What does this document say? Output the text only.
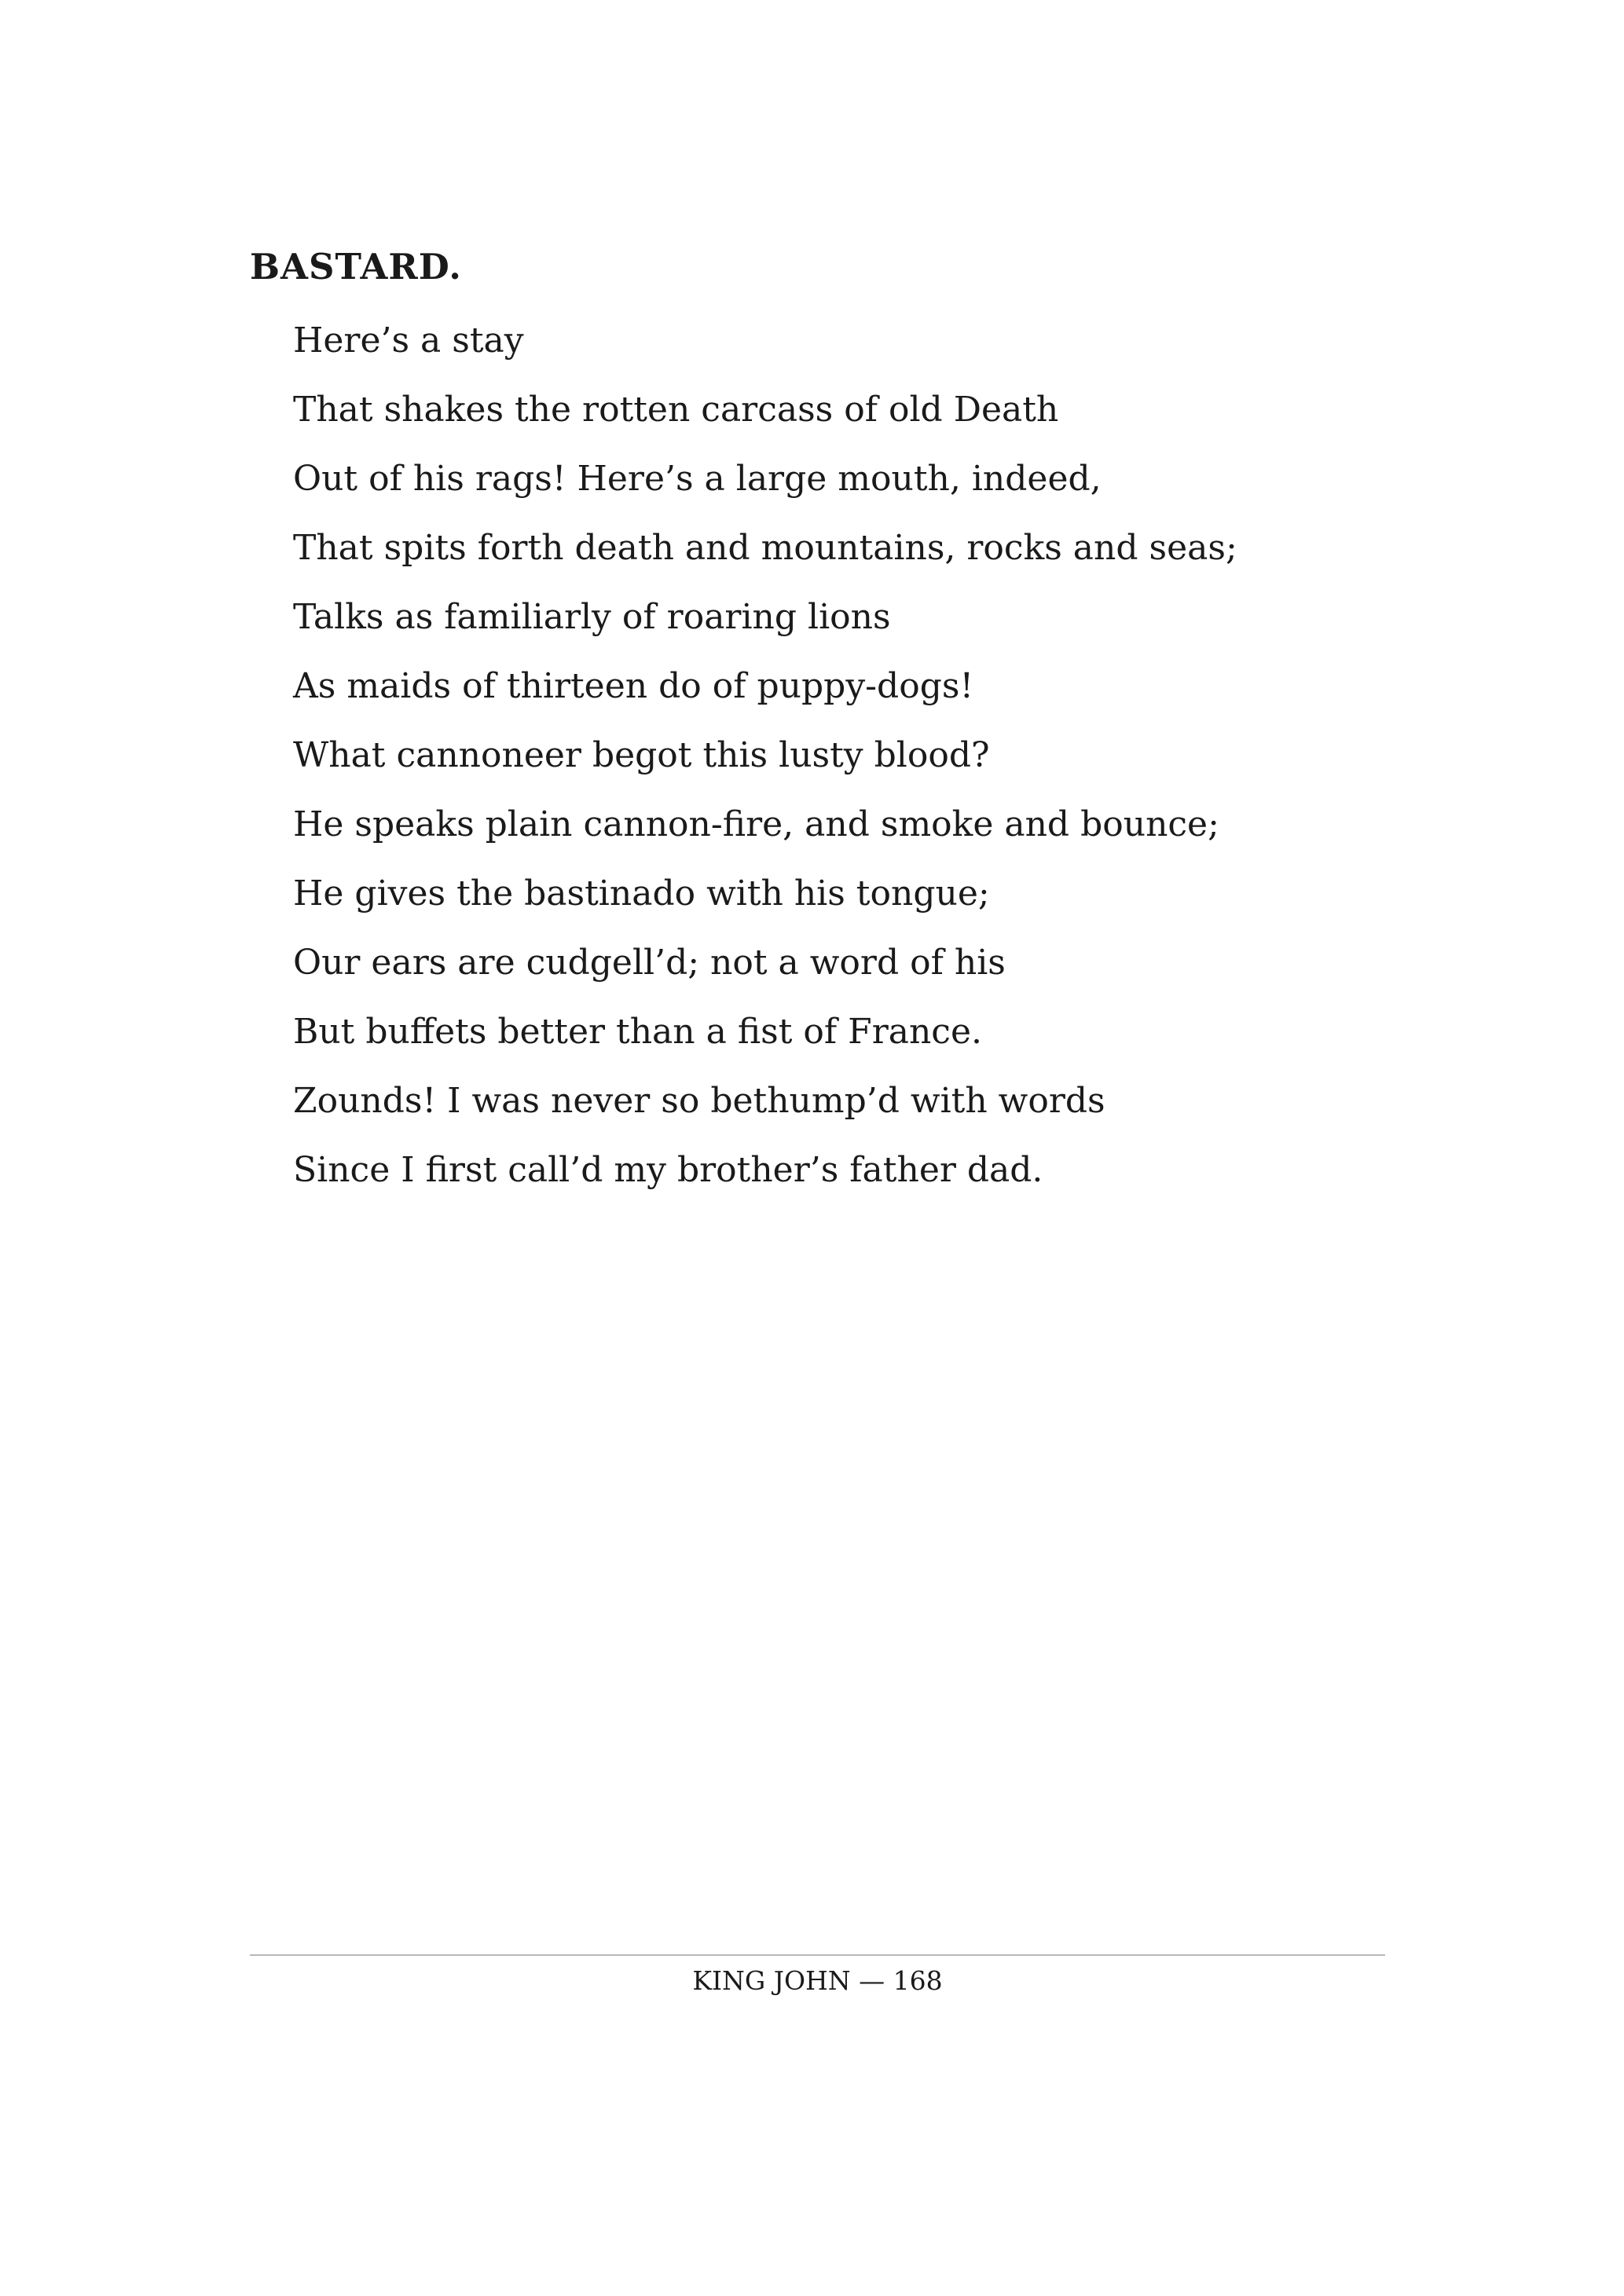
BASTARD.

Here’s a stay
That shakes the rotten carcass of old Death
Out of his rags! Here’s a large mouth, indeed,
That spits forth death and mountains, rocks and seas;
Talks as familiarly of roaring lions
As maids of thirteen do of puppy-dogs!
What cannoneer begot this lusty blood?
He speaks plain cannon-fire, and smoke and bounce;
He gives the bastinado with his tongue;
Our ears are cudgell’d; not a word of his
But buffets better than a fist of France.
Zounds! I was never so bethump’d with words
Since I first call’d my brother’s father dad.
KING JOHN — 168
